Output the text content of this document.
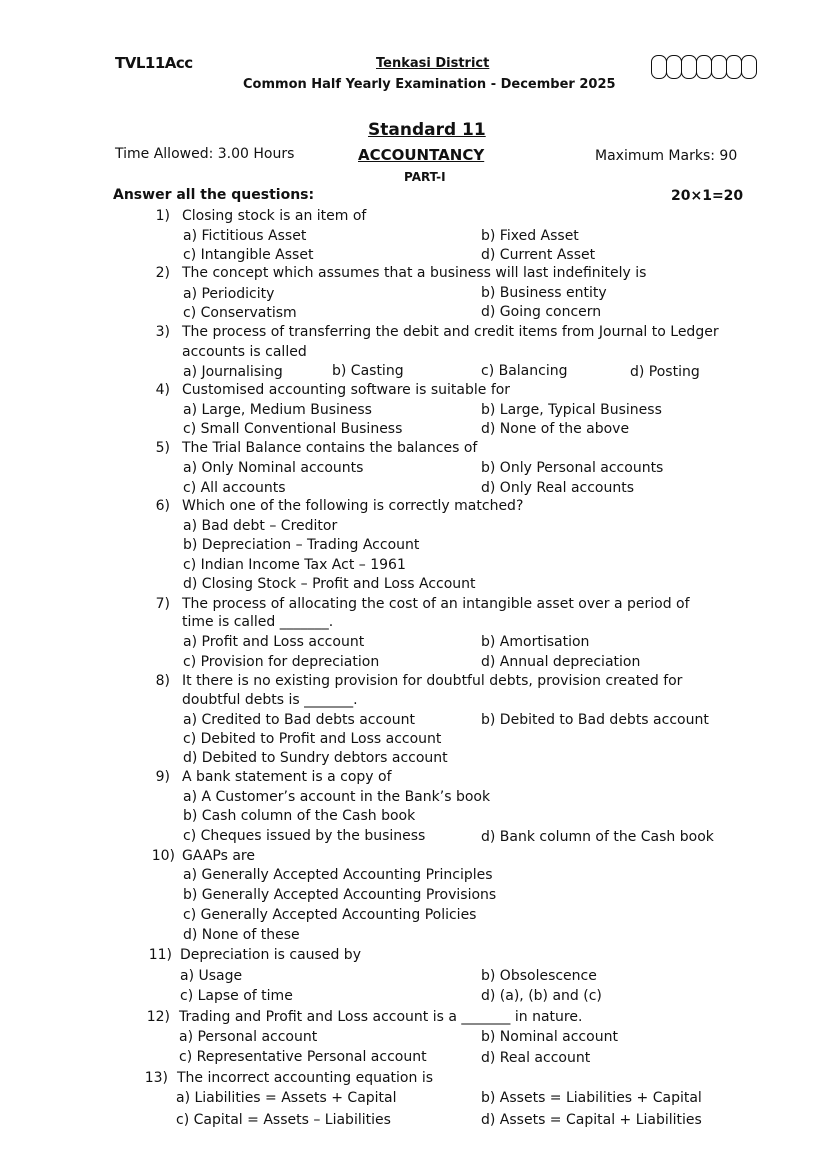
TVL11Acc	Tenkasi District
Common Half Yearly Examination - December 2025
Standard 11
Time Allowed: 3.00 Hours	ACCOUNTANCY	Maximum Marks: 90
PART-I
Answer all the questions:	20×1=20
1) Closing stock is an item of
a) Fictitious Asset	b) Fixed Asset
c) Intangible Asset	d) Current Asset
2) The concept which assumes that a business will last indefinitely is
a) Periodicity	b) Business entity
c) Conservatism	d) Going concern
3) The process of transferring the debit and credit items from Journal to Ledger
accounts is called
a) Journalising	b) Casting	c) Balancing	d) Posting
4) Customised accounting software is suitable for
a) Large, Medium Business	b) Large, Typical Business
c) Small Conventional Business	d) None of the above
5) The Trial Balance contains the balances of
a) Only Nominal accounts	b) Only Personal accounts
c) All accounts	d) Only Real accounts
6) Which one of the following is correctly matched?
a) Bad debt – Creditor
b) Depreciation – Trading Account
c) Indian Income Tax Act – 1961
d) Closing Stock – Profit and Loss Account
7) The process of allocating the cost of an intangible asset over a period of
time is called _______.
a) Profit and Loss account	b) Amortisation
c) Provision for depreciation	d) Annual depreciation
8) It there is no existing provision for doubtful debts, provision created for
doubtful debts is _______.
a) Credited to Bad debts account	b) Debited to Bad debts account
c) Debited to Profit and Loss account
d) Debited to Sundry debtors account
9) A bank statement is a copy of
a) A Customer’s account in the Bank’s book
b) Cash column of the Cash book
c) Cheques issued by the business	d) Bank column of the Cash book
10) GAAPs are
a) Generally Accepted Accounting Principles
b) Generally Accepted Accounting Provisions
c) Generally Accepted Accounting Policies
d) None of these
11) Depreciation is caused by
a) Usage	b) Obsolescence
c) Lapse of time	d) (a), (b) and (c)
12) Trading and Profit and Loss account is a _______ in nature.
a) Personal account	b) Nominal account
c) Representative Personal account	d) Real account
13) The incorrect accounting equation is
a) Liabilities = Assets + Capital	b) Assets = Liabilities + Capital
c) Capital = Assets – Liabilities	d) Assets = Capital + Liabilities
